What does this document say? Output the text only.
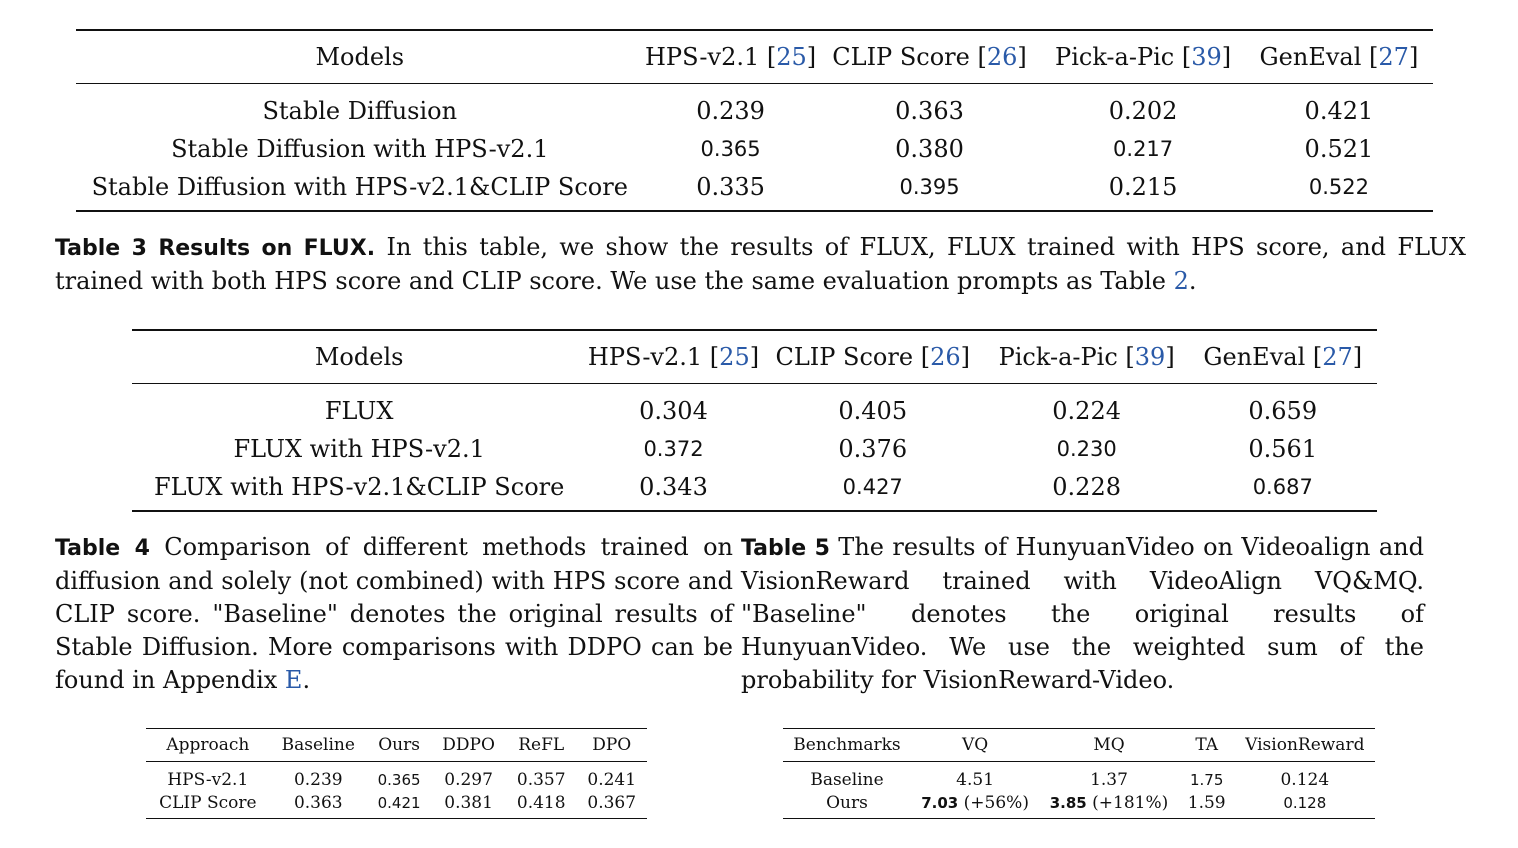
Models	HPS-v2.1 [25]	CLIP Score [26]	Pick-a-Pic [39]	GenEval [27]
Stable Diffusion	0.239	0.363	0.202	0.421
Stable Diffusion with HPS-v2.1	0.365	0.380	0.217	0.521
Stable Diffusion with HPS-v2.1&CLIP Score	0.335	0.395	0.215	0.522
Table 3 Results on FLUX. In this table, we show the results of FLUX, FLUX trained with HPS score, and FLUX trained with both HPS score and CLIP score. We use the same evaluation prompts as Table 2.
Models	HPS-v2.1 [25]	CLIP Score [26]	Pick-a-Pic [39]	GenEval [27]
FLUX	0.304	0.405	0.224	0.659
FLUX with HPS-v2.1	0.372	0.376	0.230	0.561
FLUX with HPS-v2.1&CLIP Score	0.343	0.427	0.228	0.687
Table 4 Comparison of different methods trained on diffusion and solely (not combined) with HPS score and CLIP score. "Baseline" denotes the original results of Stable Diffusion. More comparisons with DDPO can be found in Appendix E.
Table 5 The results of HunyuanVideo on Videoalign and VisionReward trained with VideoAlign VQ&MQ. "Baseline" denotes the original results of HunyuanVideo. We use the weighted sum of the probability for VisionReward-Video.
Approach	Baseline	Ours	DDPO	ReFL	DPO
HPS-v2.1	0.239	0.365	0.297	0.357	0.241
CLIP Score	0.363	0.421	0.381	0.418	0.367
Benchmarks	VQ	MQ	TA	VisionReward
Baseline	4.51	1.37	1.75	0.124
Ours	7.03 (+56%)	3.85 (+181%)	1.59	0.128
